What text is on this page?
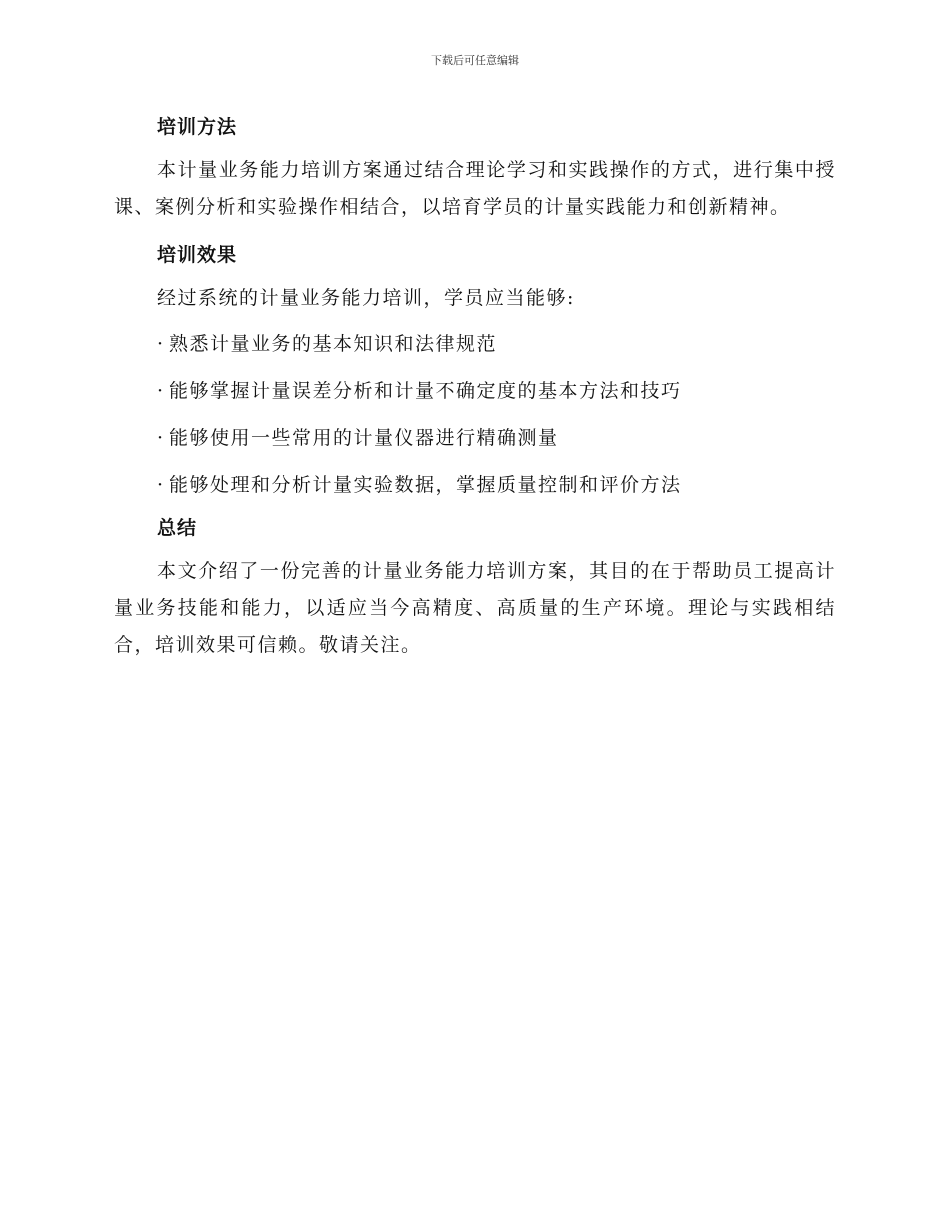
下载后可任意编辑
培训方法

本计量业务能力培训方案通过结合理论学习和实践操作的方式，进行集中授课、案例分析和实验操作相结合，以培育学员的计量实践能力和创新精神。

培训效果

经过系统的计量业务能力培训，学员应当能够:

· 熟悉计量业务的基本知识和法律规范
· 能够掌握计量误差分析和计量不确定度的基本方法和技巧
· 能够使用一些常用的计量仪器进行精确测量
· 能够处理和分析计量实验数据，掌握质量控制和评价方法
总结

本文介绍了一份完善的计量业务能力培训方案，其目的在于帮助员工提高计量业务技能和能力，以适应当今高精度、高质量的生产环境。理论与实践相结合，培训效果可信赖。敬请关注。
